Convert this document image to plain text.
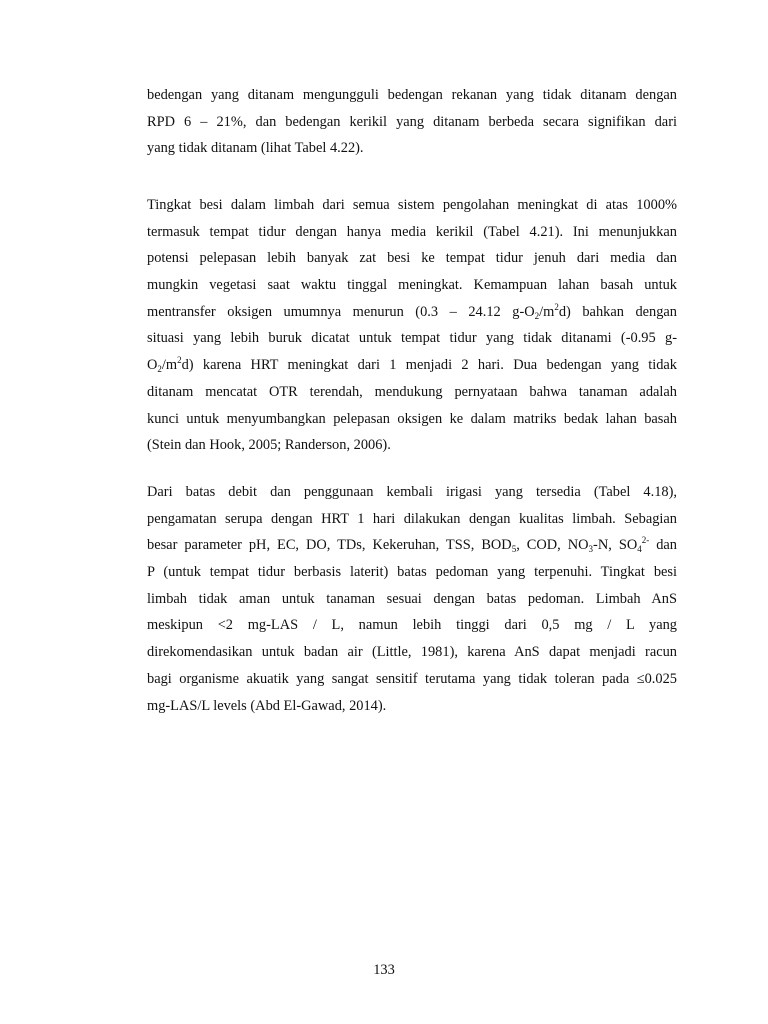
bedengan yang ditanam mengungguli bedengan rekanan yang tidak ditanam dengan
RPD 6 – 21%, dan bedengan kerikil yang ditanam berbeda secara signifikan dari
yang tidak ditanam (lihat Tabel 4.22).
Tingkat besi dalam limbah dari semua sistem pengolahan meningkat di atas 1000%
termasuk tempat tidur dengan hanya media kerikil (Tabel 4.21). Ini menunjukkan
potensi pelepasan lebih banyak zat besi ke tempat tidur jenuh dari media dan
mungkin vegetasi saat waktu tinggal meningkat. Kemampuan lahan basah untuk
mentransfer oksigen umumnya menurun (0.3 – 24.12 $g-O_2/m^2d$) bahkan dengan
situasi yang lebih buruk dicatat untuk tempat tidur yang tidak ditanami (-0.95 g-
$O_2/m^2d$) karena HRT meningkat dari 1 menjadi 2 hari. Dua bedengan yang tidak
ditanam mencatat OTR terendah, mendukung pernyataan bahwa tanaman adalah
kunci untuk menyumbangkan pelepasan oksigen ke dalam matriks bedak lahan basah
(Stein dan Hook, 2005; Randerson, 2006).
Dari batas debit dan penggunaan kembali irigasi yang tersedia (Tabel 4.18),
pengamatan serupa dengan HRT 1 hari dilakukan dengan kualitas limbah. Sebagian
besar parameter pH, EC, DO, TDs, Kekeruhan, TSS, $BOD_5$, COD, $NO_3-N$, $SO_4^{2-}$ dan
P (untuk tempat tidur berbasis laterit) batas pedoman yang terpenuhi. Tingkat besi
limbah tidak aman untuk tanaman sesuai dengan batas pedoman. Limbah AnS
meskipun <2 mg-LAS / L, namun lebih tinggi dari 0,5 mg / L yang
direkomendasikan untuk badan air (Little, 1981), karena AnS dapat menjadi racun
bagi organisme akuatik yang sangat sensitif terutama yang tidak toleran pada ≤0.025
mg-LAS/L levels (Abd El-Gawad, 2014).
133
